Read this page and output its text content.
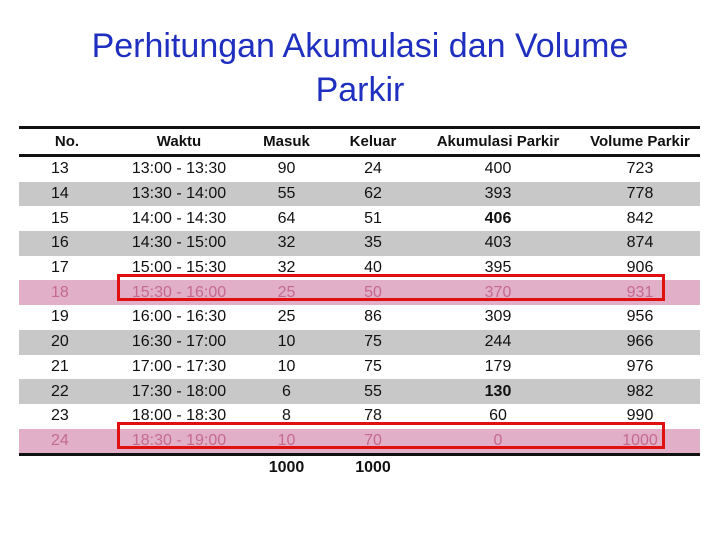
Perhitungan Akumulasi dan Volume
Parkir
No.	Waktu	Masuk	Keluar	Akumulasi Parkir	Volume Parkir
13	13:00 - 13:30	90	24	400	723
14	13:30 - 14:00	55	62	393	778
15	14:00 - 14:30	64	51	406	842
16	14:30 - 15:00	32	35	403	874
17	15:00 - 15:30	32	40	395	906
18	15:30 - 16:00	25	50	370	931
19	16:00 - 16:30	25	86	309	956
20	16:30 - 17:00	10	75	244	966
21	17:00 - 17:30	10	75	179	976
22	17:30 - 18:00	6	55	130	982
23	18:00 - 18:30	8	78	60	990
24	18:30 - 19:00	10	70	0	1000
		1000	1000		
